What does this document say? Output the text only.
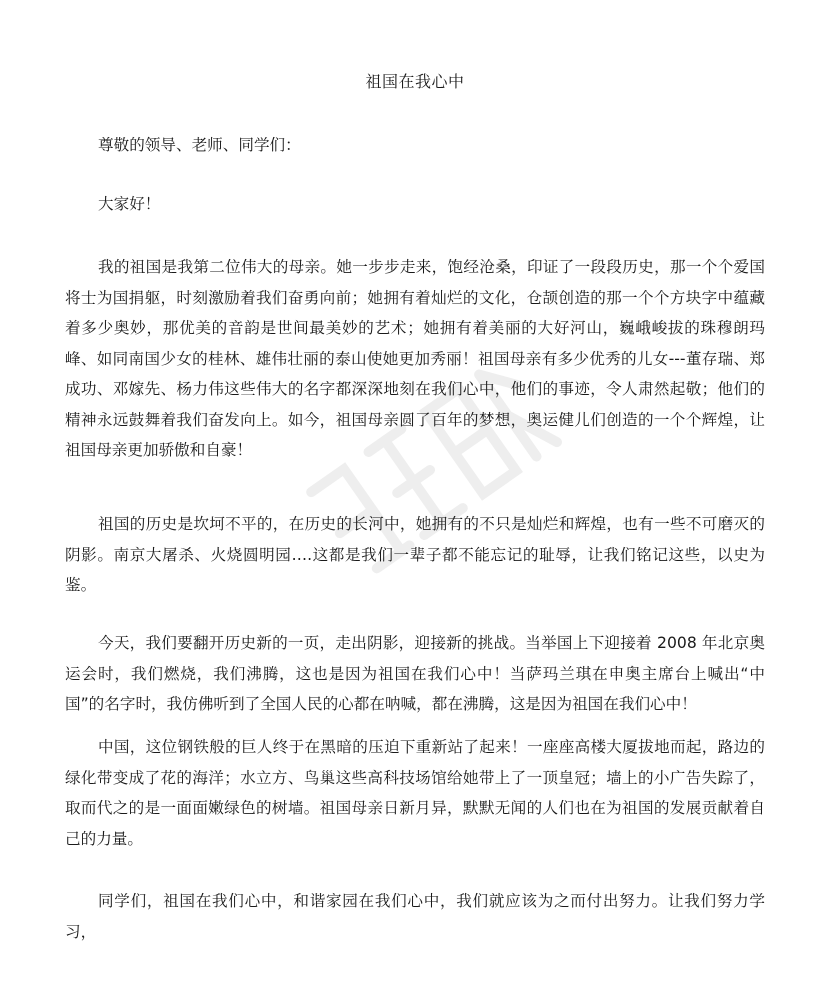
祖国在我心中

尊敬的领导、老师、同学们：

大家好！

我的祖国是我第二位伟大的母亲。她一步步走来，饱经沧桑，印证了一段段历史，那一个个爱国将士为国捐躯，时刻激励着我们奋勇向前；她拥有着灿烂的文化，仓颉创造的那一个个方块字中蕴藏着多少奥妙，那优美的音韵是世间最美妙的艺术；她拥有着美丽的大好河山，巍峨峻拔的珠穆朗玛峰、如同南国少女的桂林、雄伟壮丽的泰山使她更加秀丽！祖国母亲有多少优秀的儿女---董存瑞、郑成功、邓嫁先、杨力伟这些伟大的名字都深深地刻在我们心中，他们的事迹，令人肃然起敬；他们的精神永远鼓舞着我们奋发向上。如今，祖国母亲圆了百年的梦想，奥运健儿们创造的一个个辉煌，让祖国母亲更加骄傲和自豪！

祖国的历史是坎坷不平的，在历史的长河中，她拥有的不只是灿烂和辉煌，也有一些不可磨灭的阴影。南京大屠杀、火烧圆明园….这都是我们一辈子都不能忘记的耻辱，让我们铭记这些，以史为鉴。

今天，我们要翻开历史新的一页，走出阴影，迎接新的挑战。当举国上下迎接着 2008 年北京奥运会时，我们燃烧，我们沸腾，这也是因为祖国在我们心中！当萨玛兰琪在申奥主席台上喊出“中国”的名字时，我仿佛听到了全国人民的心都在呐喊，都在沸腾，这是因为祖国在我们心中！

中国，这位钢铁般的巨人终于在黑暗的压迫下重新站了起来！一座座高楼大厦拔地而起，路边的绿化带变成了花的海洋；水立方、鸟巢这些高科技场馆给她带上了一顶皇冠；墙上的小广告失踪了，取而代之的是一面面嫩绿色的树墙。祖国母亲日新月异，默默无闻的人们也在为祖国的发展贡献着自己的力量。

同学们，祖国在我们心中，和谐家园在我们心中，我们就应该为之而付出努力。让我们努力学习，
